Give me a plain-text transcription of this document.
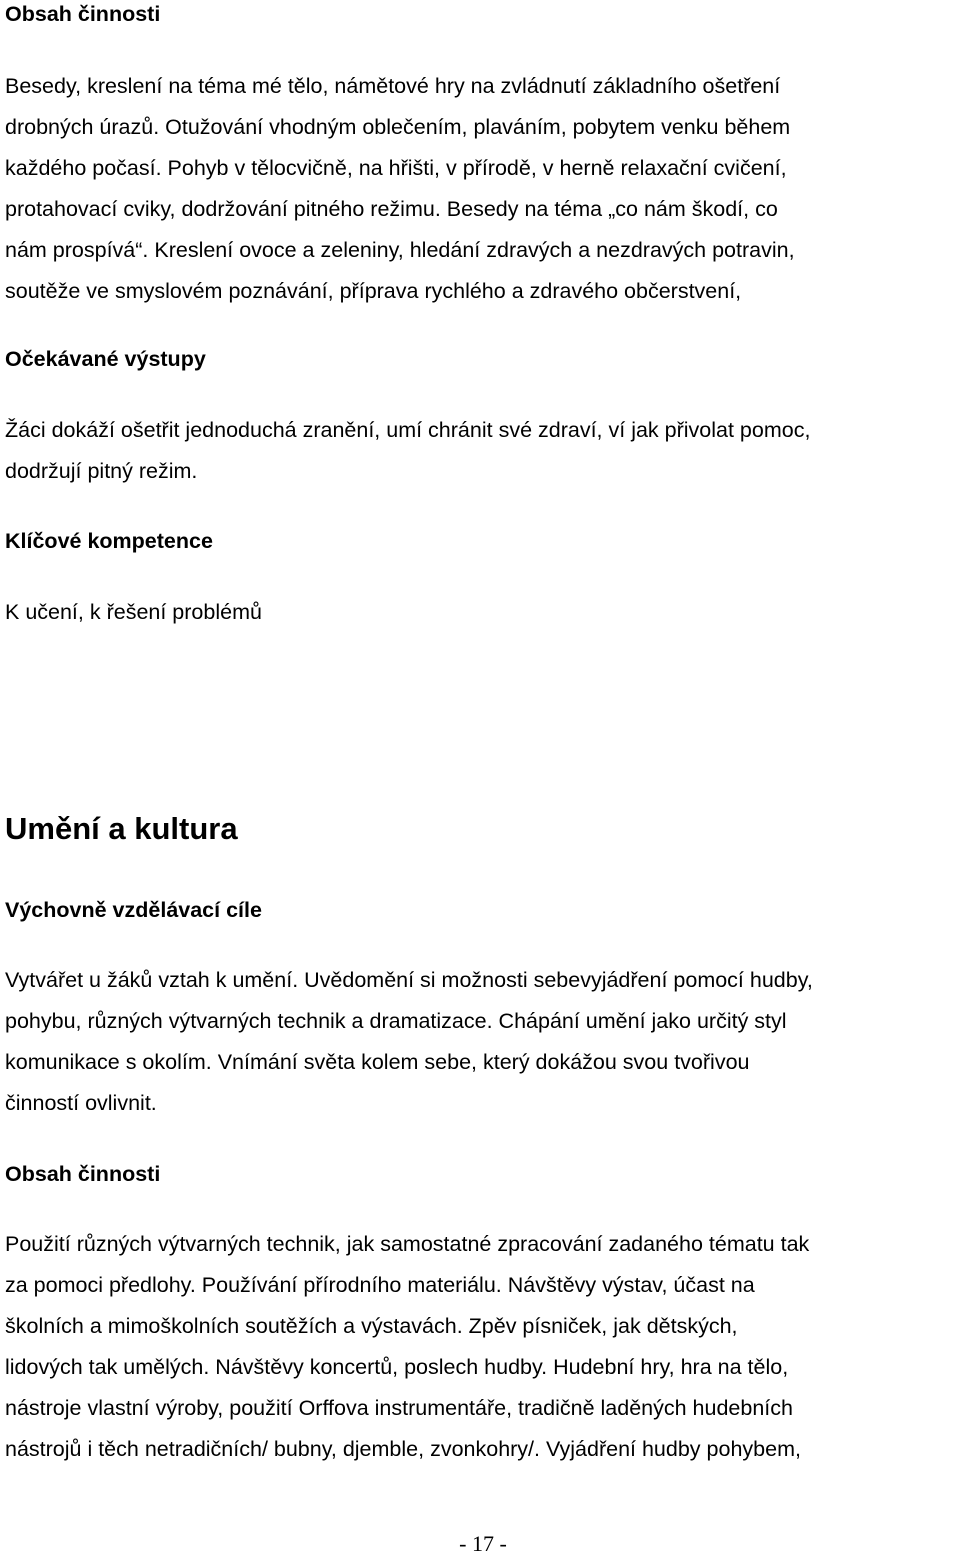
Obsah činnosti
Besedy, kreslení na téma mé tělo, námětové hry na zvládnutí základního ošetření
drobných úrazů. Otužování vhodným oblečením, plaváním, pobytem venku během
každého počasí. Pohyb v tělocvičně, na hřišti, v přírodě, v herně relaxační cvičení,
protahovací cviky, dodržování pitného režimu. Besedy na téma „co nám škodí, co
nám prospívá“. Kreslení ovoce a zeleniny, hledání zdravých a nezdravých potravin,
soutěže ve smyslovém poznávání, příprava rychlého a zdravého občerstvení,
Očekávané výstupy
Žáci dokáží ošetřit jednoduchá zranění, umí chránit své zdraví, ví jak přivolat pomoc,
dodržují pitný režim.
Klíčové kompetence
K učení, k řešení problémů
Umění a kultura
Výchovně vzdělávací cíle
Vytvářet u žáků vztah k umění. Uvědomění si možnosti sebevyjádření pomocí hudby,
pohybu, různých výtvarných technik a dramatizace. Chápání umění jako určitý styl
komunikace s okolím. Vnímání světa kolem sebe, který dokážou svou tvořivou
činností ovlivnit.
Obsah činnosti
Použití různých výtvarných technik, jak samostatné zpracování zadaného tématu tak
za pomoci předlohy. Používání přírodního materiálu. Návštěvy výstav, účast na
školních a mimoškolních soutěžích a výstavách. Zpěv písniček, jak dětských,
lidových tak umělých. Návštěvy koncertů, poslech hudby. Hudební hry, hra na tělo,
nástroje vlastní výroby, použití Orffova instrumentáře, tradičně laděných hudebních
nástrojů i těch netradičních/ bubny, djemble, zvonkohry/. Vyjádření hudby pohybem,
- 17 -
